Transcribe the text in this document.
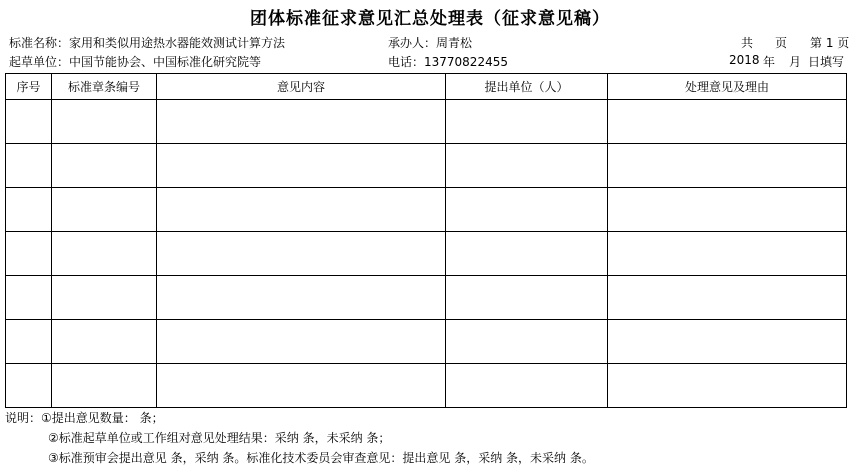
团体标准征求意见汇总处理表（征求意见稿）
标准名称：家用和类似用途热水器能效测试计算方法	承办人：周青松	共 页 第 1 页
起草单位：中国节能协会、中国标准化研究院等	电话：13770822455	2018 年 月 日填写
序号	标准章条编号	意见内容	提出单位（人）	处理意见及理由

说明：①提出意见数量： 条；
②标准起草单位或工作组对意见处理结果：采纳 条，未采纳 条；
③标准预审会提出意见 条，采纳 条。标准化技术委员会审查意见：提出意见 条，采纳 条，未采纳 条。
